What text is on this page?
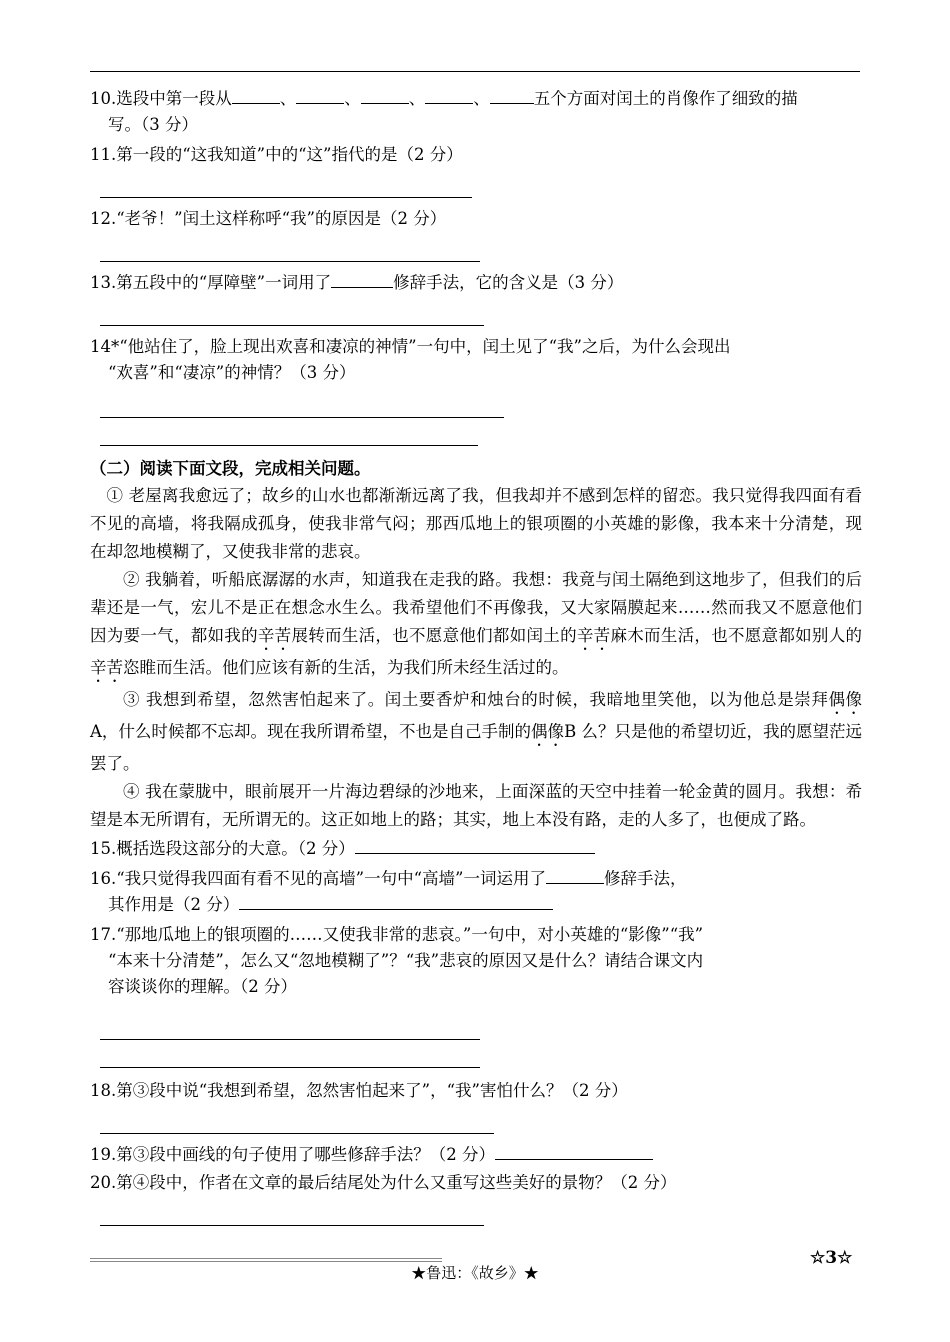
10.选段中第一段从	、	、	、	、	五个方面对闰土的肖像作了细致的描
写。（3 分）
11.第一段的“这我知道”中的“这”指代的是（2 分）
12.“老爷！”闰土这样称呼“我”的原因是（2 分）
13.第五段中的“厚障壁”一词用了	修辞手法，它的含义是（3 分）
14*“他站住了，脸上现出欢喜和凄凉的神情”一句中，闰土见了“我”之后，为什么会现出
“欢喜”和“凄凉”的神情？（3 分）
（二）阅读下面文段，完成相关问题。
① 老屋离我愈远了；故乡的山水也都渐渐远离了我，但我却并不感到怎样的留恋。我只觉得我四面有看不见的高墙，将我隔成孤身，使我非常气闷；那西瓜地上的银项圈的小英雄的影像，我本来十分清楚，现在却忽地模糊了，又使我非常的悲哀。
② 我躺着，听船底潺潺的水声，知道我在走我的路。我想：我竟与闰土隔绝到这地步了，但我们的后辈还是一气，宏儿不是正在想念水生么。我希望他们不再像我，又大家隔膜起来……然而我又不愿意他们因为要一气，都如我的辛苦展转而生活，也不愿意他们都如闰土的辛苦麻木而生活，也不愿意都如别人的辛苦恣睢而生活。他们应该有新的生活，为我们所未经生活过的。
③ 我想到希望，忽然害怕起来了。闰土要香炉和烛台的时候，我暗地里笑他，以为他总是崇拜偶像A，什么时候都不忘却。现在我所谓希望，不也是自己手制的偶像B 么？只是他的希望切近，我的愿望茫远罢了。
④ 我在蒙胧中，眼前展开一片海边碧绿的沙地来，上面深蓝的天空中挂着一轮金黄的圆月。我想：希望是本无所谓有，无所谓无的。这正如地上的路；其实，地上本没有路，走的人多了，也便成了路。
15.概括选段这部分的大意。（2 分）
16.“我只觉得我四面有看不见的高墙”一句中“高墙”一词运用了	修辞手法，
其作用是（2 分）
17.“那地瓜地上的银项圈的……又使我非常的悲哀。”一句中，对小英雄的“影像”“我”
“本来十分清楚”，怎么又“忽地模糊了”？“我”悲哀的原因又是什么？请结合课文内
容谈谈你的理解。（2 分）
18.第③段中说“我想到希望，忽然害怕起来了”，“我”害怕什么？（2 分）
19.第③段中画线的句子使用了哪些修辞手法？（2 分）
20.第④段中，作者在文章的最后结尾处为什么又重写这些美好的景物？（2 分）
☆3☆
★鲁迅：《故乡》★
